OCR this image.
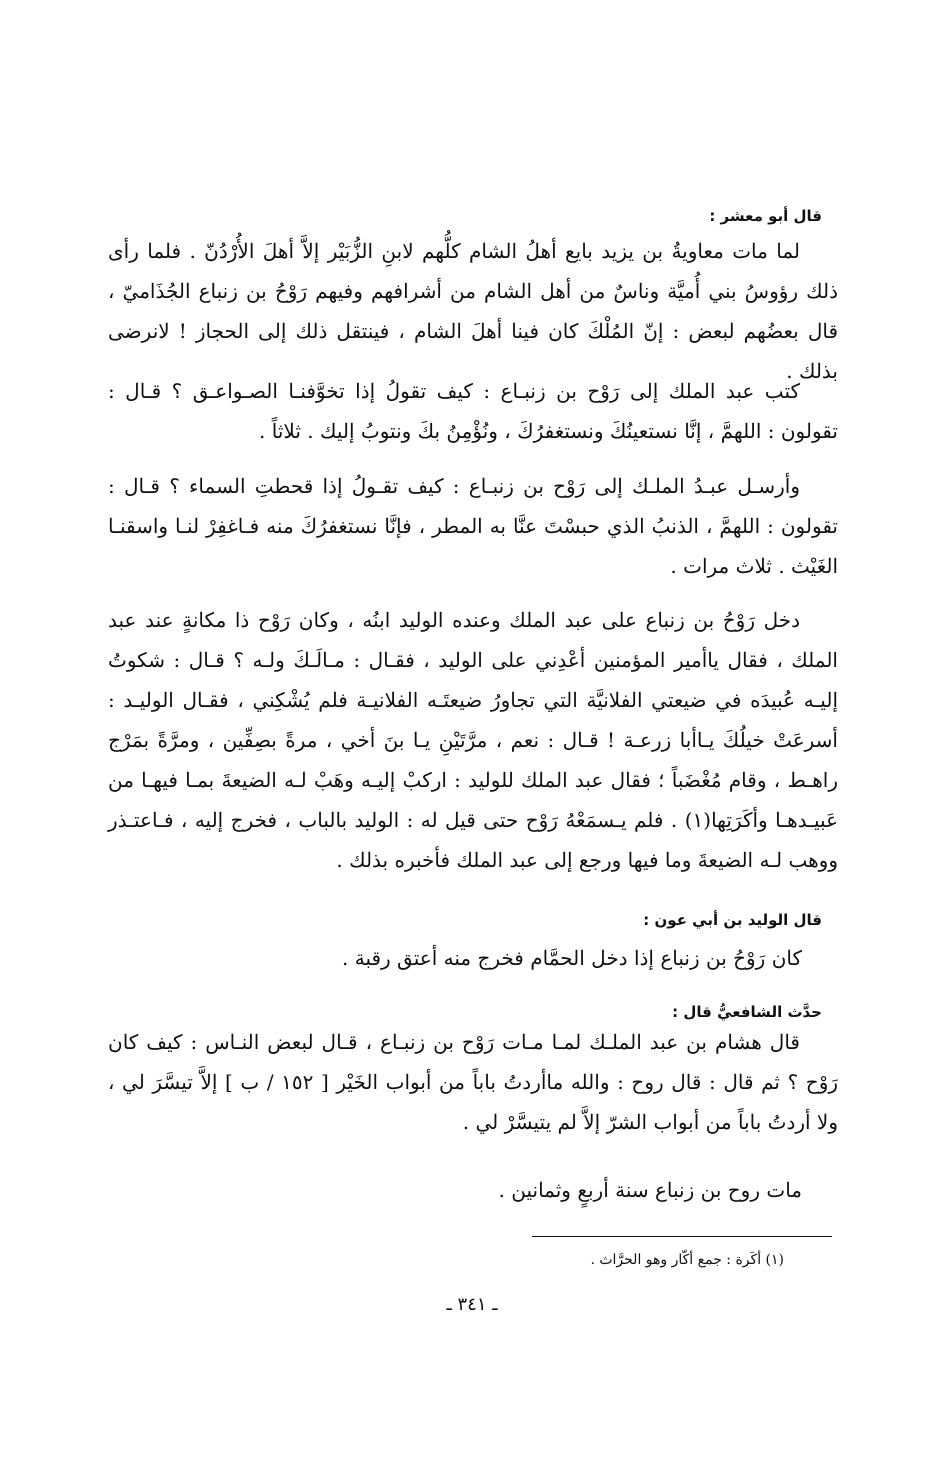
قال أبو معشر :

لما مات معاويةُ بن يزيد بايع أهلُ الشام كلُّهم لابنِ الزُّبَيْر إلاَّ أهلَ الأُرْدُنّ . فلما رأى ذلك رؤوسُ بني أُميَّة وناسٌ من أهل الشام من أشرافهم وفيهم رَوْحُ بن زنباع الجُذَاميّ ، قال بعضُهم لبعض : إنّ المُلْكَ كان فينا أهلَ الشام ، فينتقل ذلك إلى الحجاز ! لانرضى بذلك .

كتب عبد الملك إلى رَوْح بن زنبـاع : كيف تقولُ إذا تخوَّفنـا الصـواعـق ؟ قـال : تقولون : اللهمَّ ، إنَّا نستعينُكَ ونستغفرُكَ ، ونُؤْمِنُ بكَ ونتوبُ إليك . ثلاثاً .

وأرسـل عبـدُ الملـك إلى رَوْح بن زنبـاع : كيف تقـولُ إذا قحطتِ السماء ؟ قـال : تقولون : اللهمَّ ، الذنبُ الذي حبسْتَ عنَّا به المطر ، فإنَّا نستغفرُكَ منه فـاغفِرْ لنـا واسقنـا الغَيْث . ثلاث مرات .

دخل رَوْحُ بن زنباع على عبد الملك وعنده الوليد ابنُه ، وكان رَوْح ذا مكانةٍ عند عبد الملك ، فقال ياأمير المؤمنين أعْدِني على الوليد ، فقـال : مـالَـكَ ولـه ؟ قـال : شكوتُ إليـه عُبيدَه في ضيعتي الفلانيَّة التي تجاورُ ضيعتَـه الفلانيـة فلم يُشْكِني ، فقـال الوليـد : أسرعَتْ خيلُكَ يـاأبا زرعـة ! قـال : نعم ، مرَّتَيْنِ يـا بنَ أخي ، مرةً بصِفِّين ، ومرَّةً بمَرْج راهـط ، وقام مُغْضَباً ؛ فقال عبد الملك للوليد : اركبْ إليـه وهَبْ لـه الضيعةَ بمـا فيهـا من عَبيـدهـا وأكَرَتِها(١) . فلم يـسمَعْهُ رَوْح حتى قيل له : الوليد بالباب ، فخرج إليه ، فـاعتـذر ووهب لـه الضيعةَ وما فيها ورجع إلى عبد الملك فأخبره بذلك .

قال الوليد بن أبي عون :
كان رَوْحُ بن زنباع إذا دخل الحمَّام فخرج منه أعتق رقبة .
حدَّث الشافعيُّ قال :

قال هشام بن عبد الملـك لمـا مـات رَوْح بن زنبـاع ، قـال لبعض النـاس : كيف كان رَوْح ؟ ثم قال : قال روح : والله ماأردتُ باباً من أبواب الخَيْر [ ١٥٢ / ب ] إلاَّ تيسَّرَ لي ، ولا أردتُ باباً من أبواب الشرّ إلاَّ لم يتيسَّرْ لي .

مات روح بن زنباع سنة أربعٍ وثمانين .
(١) أكَرة : جمع أكّار وهو الحرَّاث .
ـ ٣٤١ ـ
